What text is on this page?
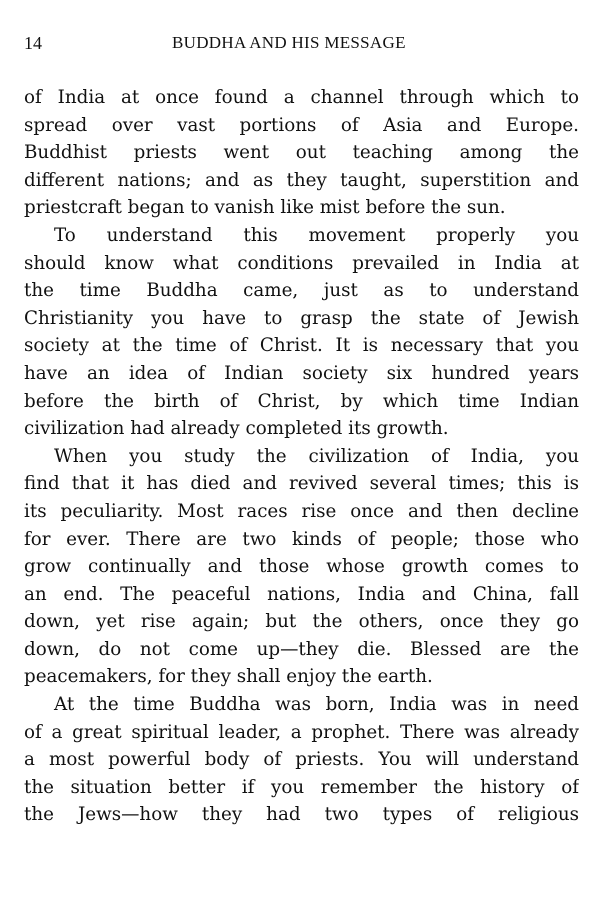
14	BUDDHA AND HIS MESSAGE
of India at once found a channel through which to
spread over vast portions of Asia and Europe.
Buddhist priests went out teaching among the
different nations; and as they taught, superstition and
priestcraft began to vanish like mist before the sun.
To understand this movement properly you
should know what conditions prevailed in India at
the time Buddha came, just as to understand
Christianity you have to grasp the state of Jewish
society at the time of Christ. It is necessary that you
have an idea of Indian society six hundred years
before the birth of Christ, by which time Indian
civilization had already completed its growth.
When you study the civilization of India, you
find that it has died and revived several times; this is
its peculiarity. Most races rise once and then decline
for ever. There are two kinds of people; those who
grow continually and those whose growth comes to
an end. The peaceful nations, India and China, fall
down, yet rise again; but the others, once they go
down, do not come up—they die. Blessed are the
peacemakers, for they shall enjoy the earth.
At the time Buddha was born, India was in need
of a great spiritual leader, a prophet. There was already
a most powerful body of priests. You will understand
the situation better if you remember the history of
the Jews—how they had two types of religious
